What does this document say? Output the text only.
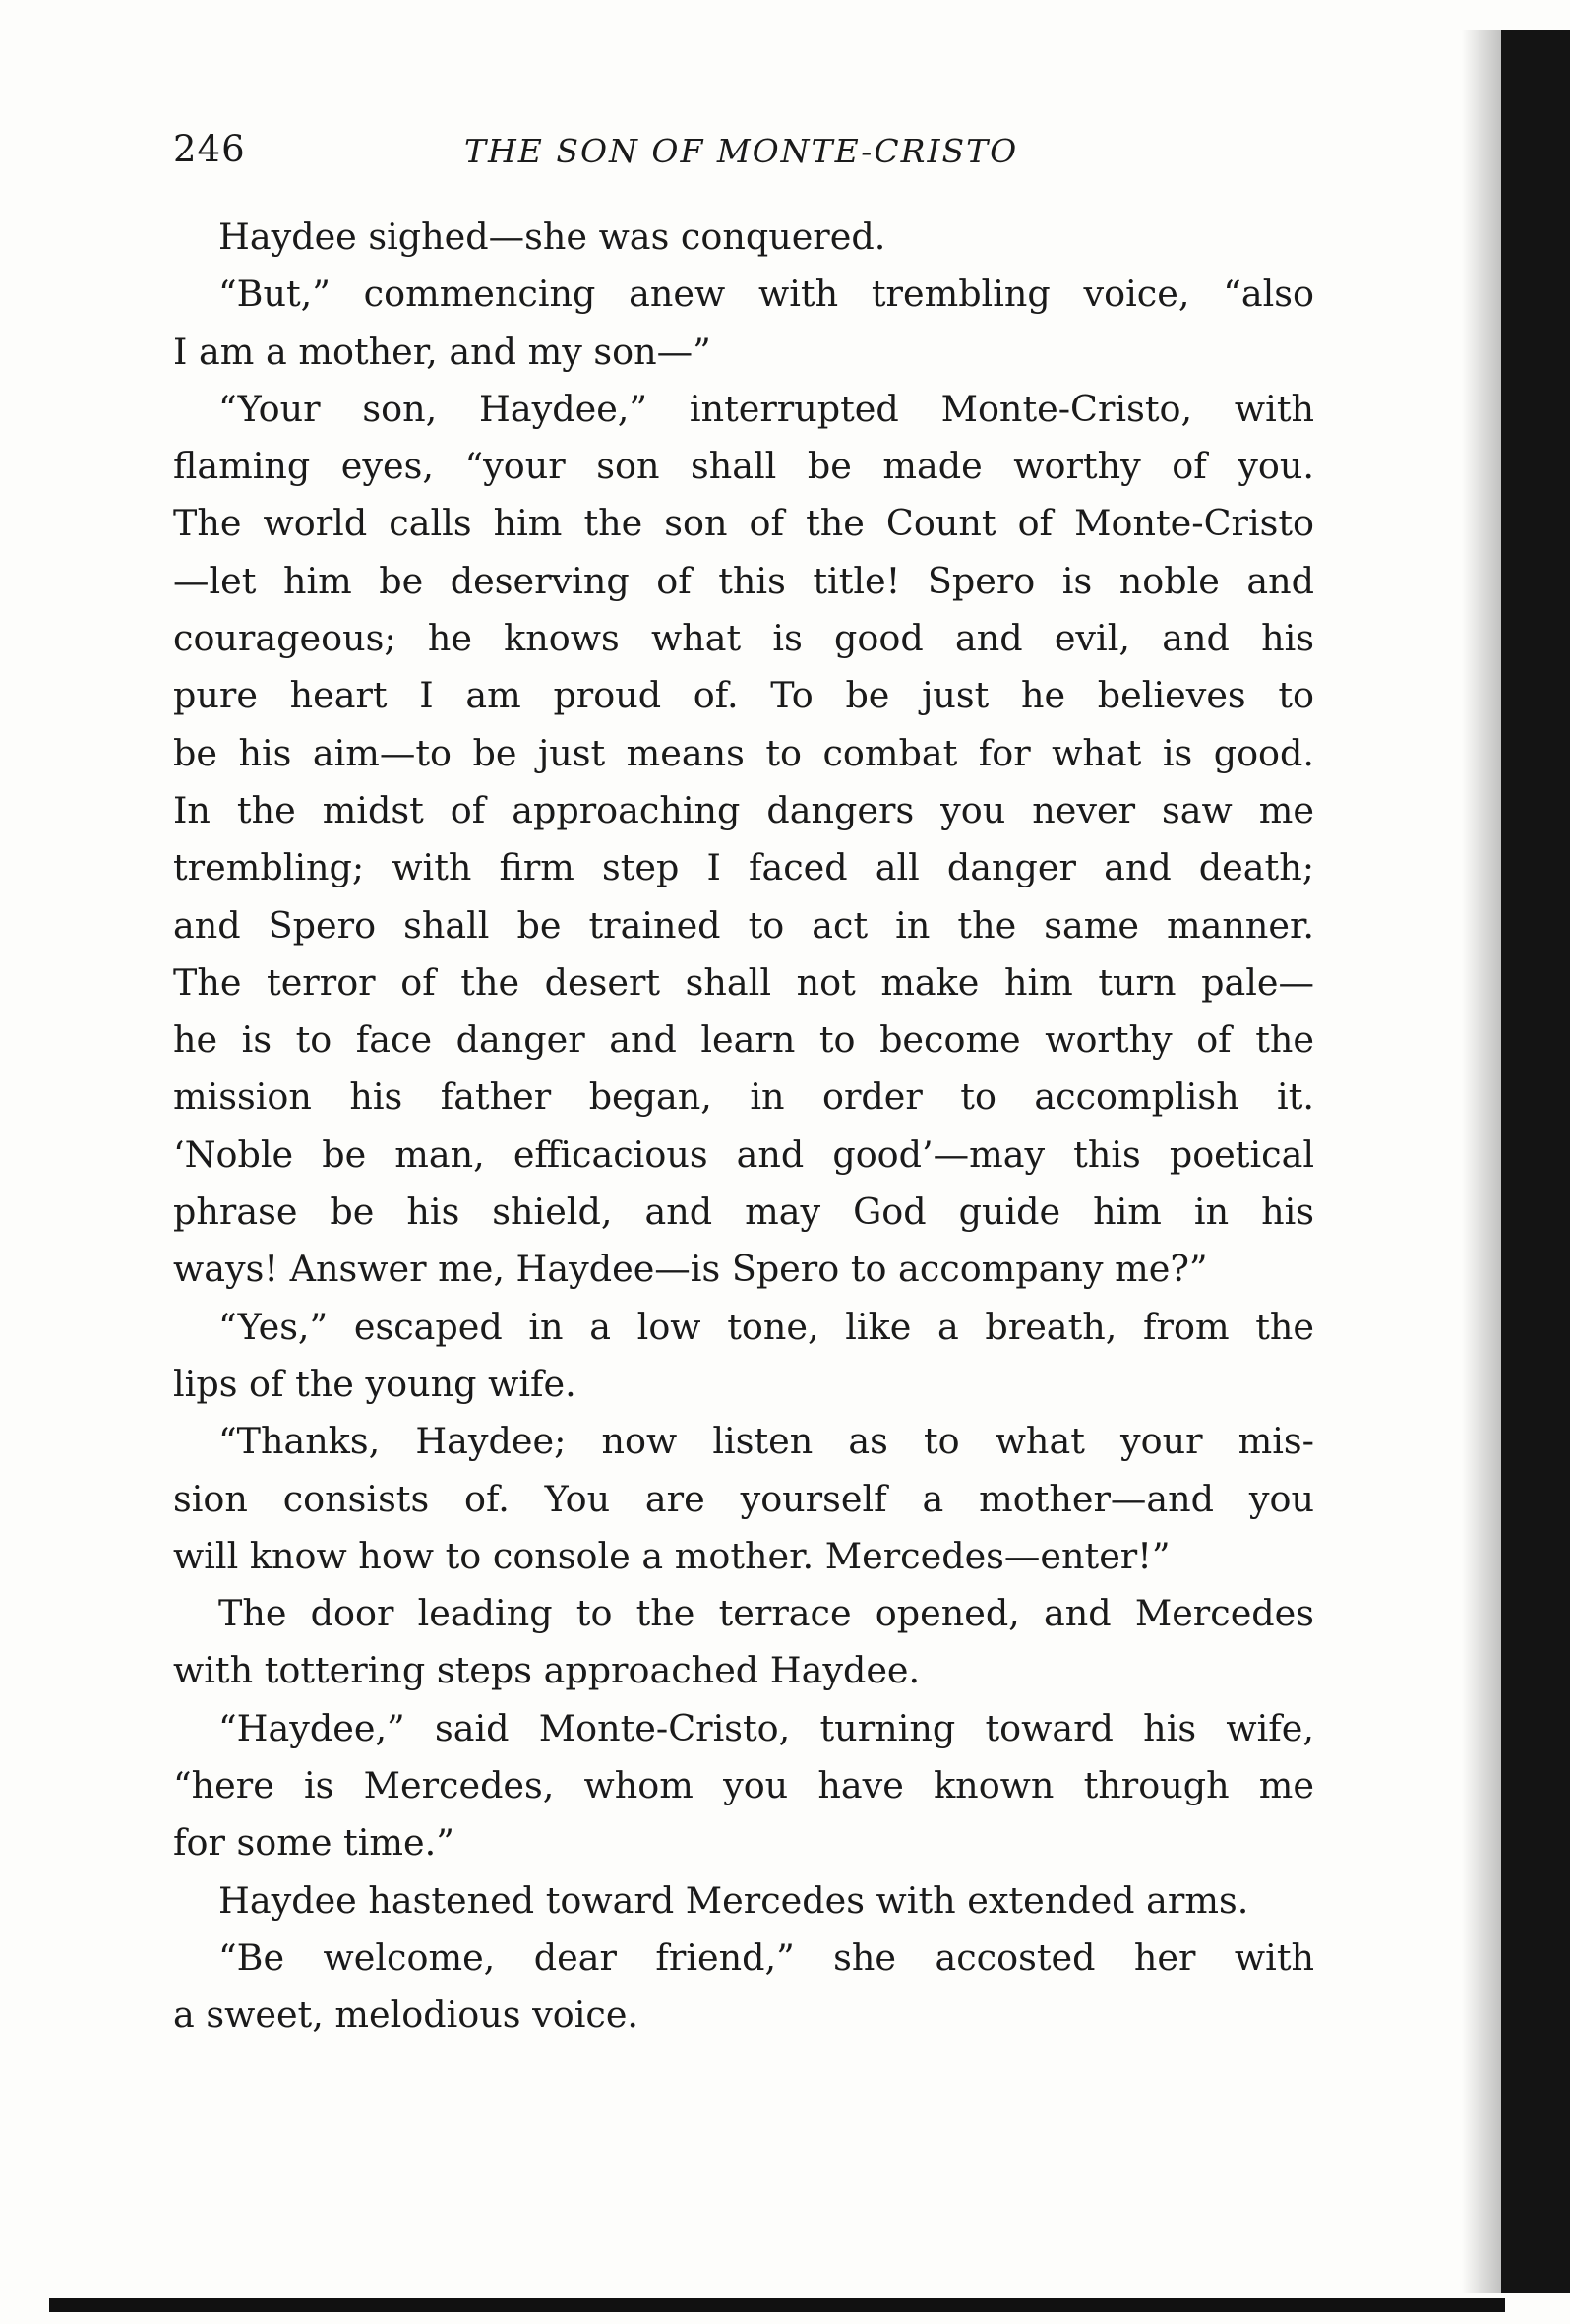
246	THE SON OF MONTE-CRISTO
Haydee sighed—she was conquered.
“But,” commencing anew with trembling voice, “also
I am a mother, and my son—”
“Your son, Haydee,” interrupted Monte-Cristo, with
flaming eyes, “your son shall be made worthy of you.
The world calls him the son of the Count of Monte-Cristo
—let him be deserving of this title! Spero is noble and
courageous; he knows what is good and evil, and his
pure heart I am proud of. To be just he believes to
be his aim—to be just means to combat for what is good.
In the midst of approaching dangers you never saw me
trembling; with firm step I faced all danger and death;
and Spero shall be trained to act in the same manner.
The terror of the desert shall not make him turn pale—
he is to face danger and learn to become worthy of the
mission his father began, in order to accomplish it.
‘Noble be man, efficacious and good’—may this poetical
phrase be his shield, and may God guide him in his
ways! Answer me, Haydee—is Spero to accompany me?”
“Yes,” escaped in a low tone, like a breath, from the
lips of the young wife.
“Thanks, Haydee; now listen as to what your mis-
sion consists of. You are yourself a mother—and you
will know how to console a mother. Mercedes—enter!”
The door leading to the terrace opened, and Mercedes
with tottering steps approached Haydee.
“Haydee,” said Monte-Cristo, turning toward his wife,
“here is Mercedes, whom you have known through me
for some time.”
Haydee hastened toward Mercedes with extended arms.
“Be welcome, dear friend,” she accosted her with
a sweet, melodious voice.
